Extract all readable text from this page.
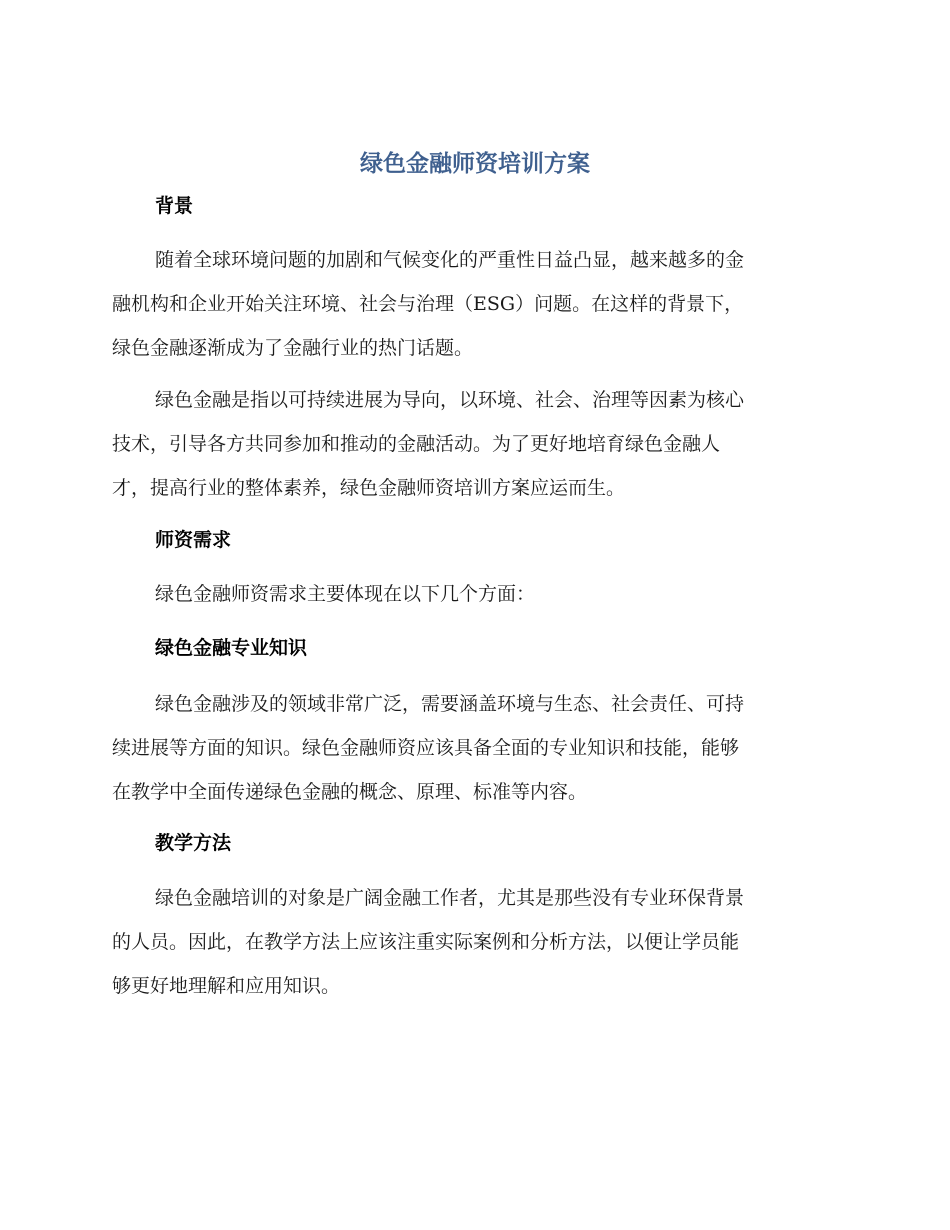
绿色金融师资培训方案
背景
随着全球环境问题的加剧和气候变化的严重性日益凸显，越来越多的金
融机构和企业开始关注环境、社会与治理（ESG）问题。在这样的背景下，
绿色金融逐渐成为了金融行业的热门话题。
绿色金融是指以可持续进展为导向，以环境、社会、治理等因素为核心
技术，引导各方共同参加和推动的金融活动。为了更好地培育绿色金融人
才，提高行业的整体素养，绿色金融师资培训方案应运而生。
师资需求
绿色金融师资需求主要体现在以下几个方面：
绿色金融专业知识
绿色金融涉及的领域非常广泛，需要涵盖环境与生态、社会责任、可持
续进展等方面的知识。绿色金融师资应该具备全面的专业知识和技能，能够
在教学中全面传递绿色金融的概念、原理、标准等内容。
教学方法
绿色金融培训的对象是广阔金融工作者，尤其是那些没有专业环保背景
的人员。因此，在教学方法上应该注重实际案例和分析方法，以便让学员能
够更好地理解和应用知识。
